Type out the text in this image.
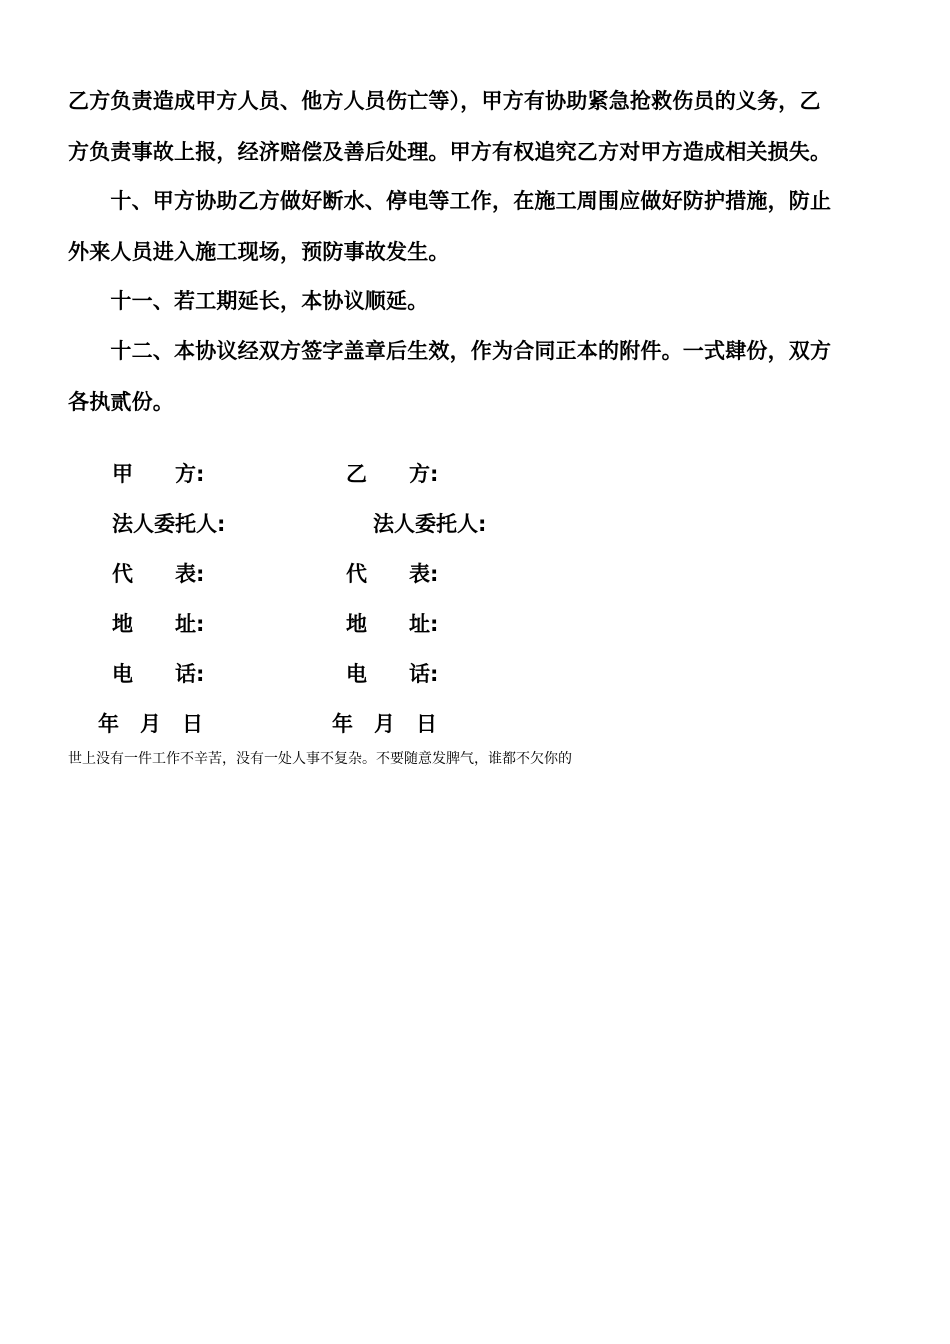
乙方负责造成甲方人员、他方人员伤亡等），甲方有协助紧急抢救伤员的义务，乙
方负责事故上报，经济赔偿及善后处理。甲方有权追究乙方对甲方造成相关损失。
　　十、甲方协助乙方做好断水、停电等工作，在施工周围应做好防护措施，防止
外来人员进入施工现场，预防事故发生。
　　十一、若工期延长，本协议顺延。
　　十二、本协议经双方签字盖章后生效，作为合同正本的附件。一式肆份，双方
各执贰份。
甲　　方:
法人委托人:
代　　表:
地　　址:
电　　话:
年　月　日
乙　　方:
法人委托人:
代　　表:
地　　址:
电　　话:
年　月　日
世上没有一件工作不辛苦，没有一处人事不复杂。不要随意发脾气，谁都不欠你的
